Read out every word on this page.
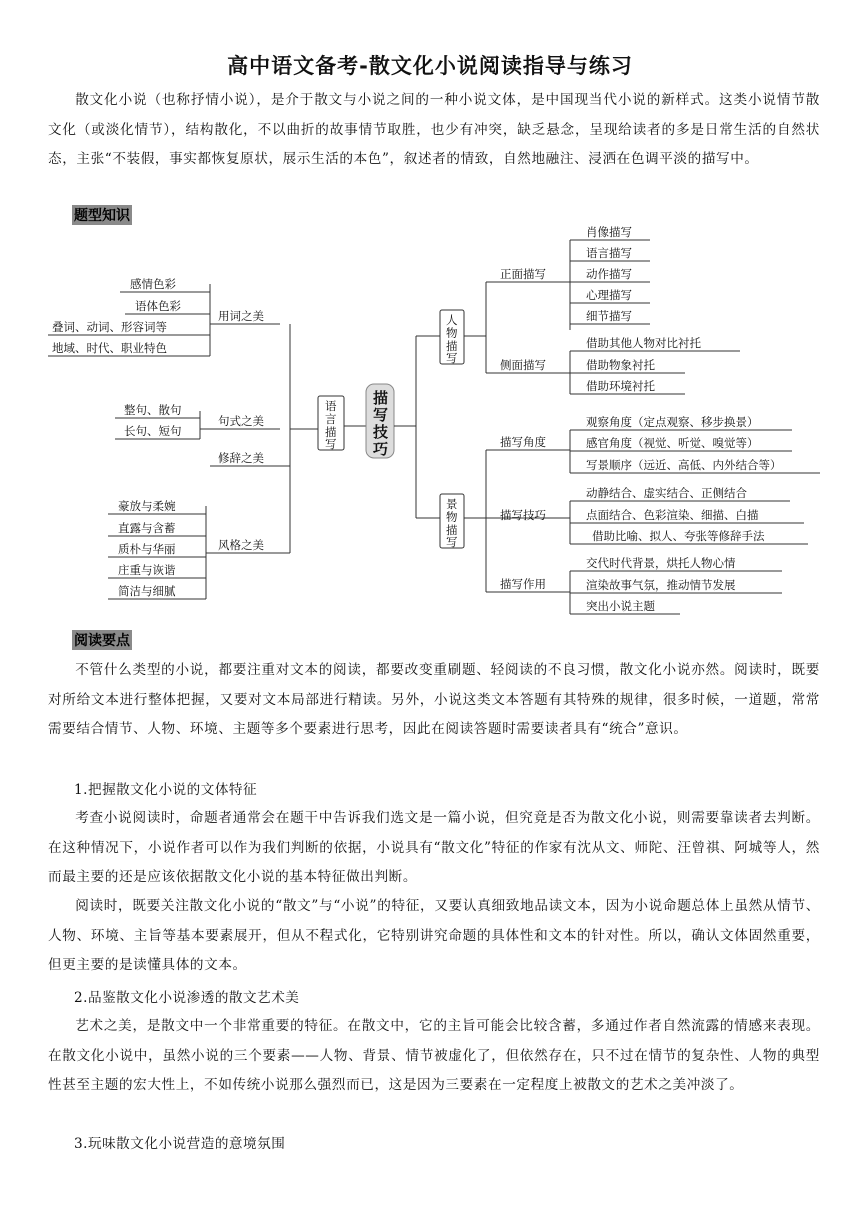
高中语文备考-散文化小说阅读指导与练习
散文化小说（也称抒情小说），是介于散文与小说之间的一种小说文体，是中国现当代小说的新样式。这类小说情节散文化（或淡化情节），结构散化，不以曲折的故事情节取胜，也少有冲突，缺乏悬念，呈现给读者的多是日常生活的自然状态，主张“不装假，事实都恢复原状，展示生活的本色”，叙述者的情致，自然地融注、浸洒在色调平淡的描写中。
题型知识
感情色彩
语体色彩
叠词、动词、形容词等
地域、时代、职业特色
用词之美
整句、散句
长句、短句
句式之美
修辞之美
豪放与柔婉
直露与含蓄
质朴与华丽
庄重与诙谐
简洁与细腻
风格之美
语
言
描
写
描
写
技
巧
人
物
描
写
正面描写
肖像描写
语言描写
动作描写
心理描写
细节描写
侧面描写
借助其他人物对比衬托
借助物象衬托
借助环境衬托
景
物
描
写
描写角度
观察角度（定点观察、移步换景）
感官角度（视觉、听觉、嗅觉等）
写景顺序（远近、高低、内外结合等）
描写技巧
动静结合、虚实结合、正侧结合
点面结合、色彩渲染、细描、白描
借助比喻、拟人、夸张等修辞手法
描写作用
交代时代背景，烘托人物心情
渲染故事气氛，推动情节发展
突出小说主题
阅读要点
不管什么类型的小说，都要注重对文本的阅读，都要改变重刷题、轻阅读的不良习惯，散文化小说亦然。阅读时，既要对所给文本进行整体把握，又要对文本局部进行精读。另外，小说这类文本答题有其特殊的规律，很多时候，一道题，常常需要结合情节、人物、环境、主题等多个要素进行思考，因此在阅读答题时需要读者具有“统合”意识。
1.把握散文化小说的文体特征
考查小说阅读时，命题者通常会在题干中告诉我们选文是一篇小说，但究竟是否为散文化小说，则需要靠读者去判断。在这种情况下，小说作者可以作为我们判断的依据，小说具有“散文化”特征的作家有沈从文、师陀、汪曾祺、阿城等人，然而最主要的还是应该依据散文化小说的基本特征做出判断。
阅读时，既要关注散文化小说的“散文”与“小说”的特征，又要认真细致地品读文本，因为小说命题总体上虽然从情节、人物、环境、主旨等基本要素展开，但从不程式化，它特别讲究命题的具体性和文本的针对性。所以，确认文体固然重要，但更主要的是读懂具体的文本。
2.品鉴散文化小说渗透的散文艺术美
艺术之美，是散文中一个非常重要的特征。在散文中，它的主旨可能会比较含蓄，多通过作者自然流露的情感来表现。在散文化小说中，虽然小说的三个要素——人物、背景、情节被虚化了，但依然存在，只不过在情节的复杂性、人物的典型性甚至主题的宏大性上，不如传统小说那么强烈而已，这是因为三要素在一定程度上被散文的艺术之美冲淡了。
3.玩味散文化小说营造的意境氛围
